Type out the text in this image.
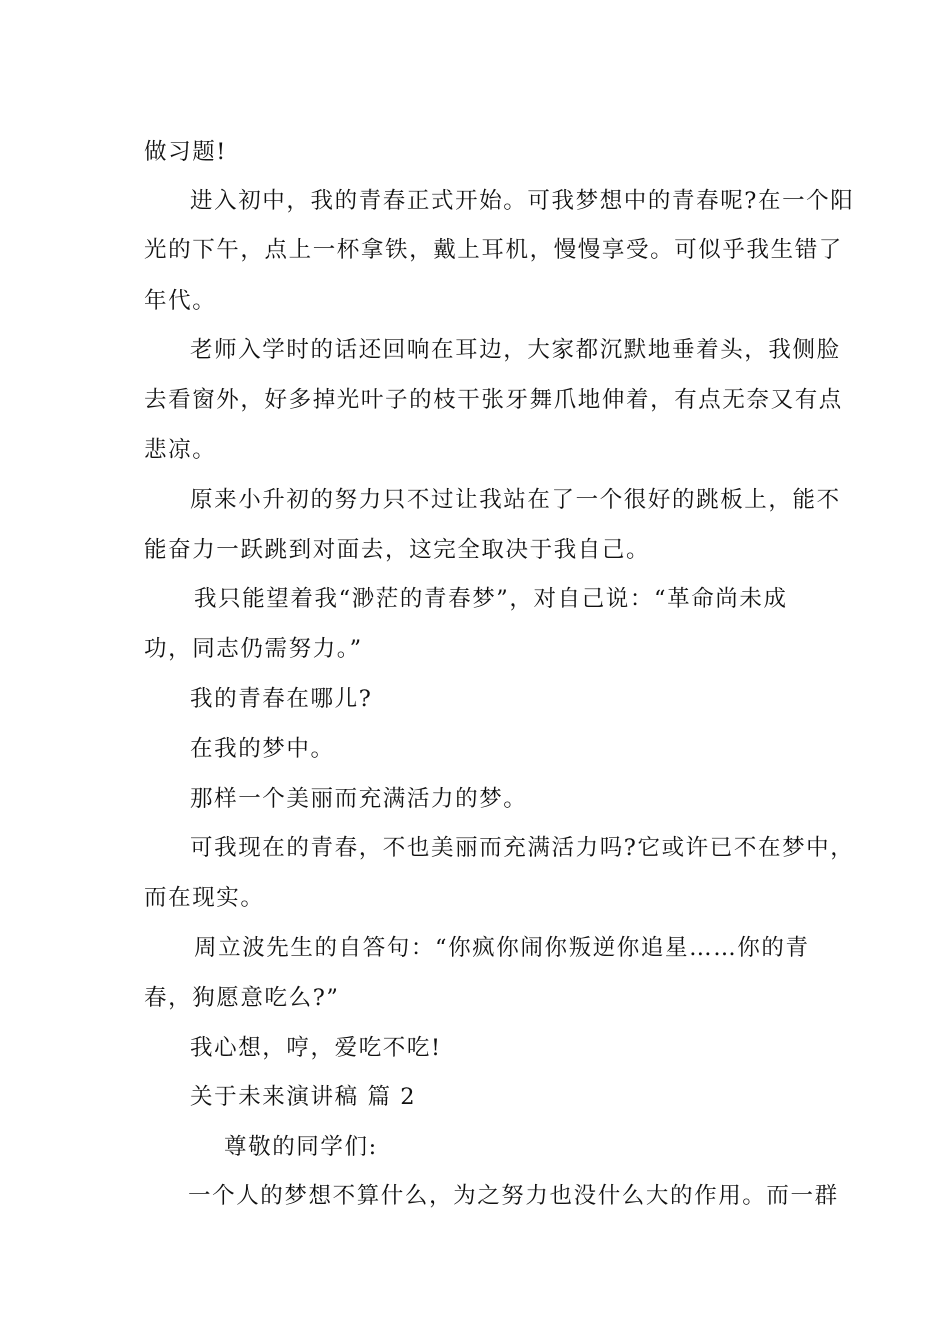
做习题!
进入初中，我的青春正式开始。可我梦想中的青春呢?在一个阳
光的下午，点上一杯拿铁，戴上耳机，慢慢享受。可似乎我生错了
年代。
老师入学时的话还回响在耳边，大家都沉默地垂着头，我侧脸
去看窗外，好多掉光叶子的枝干张牙舞爪地伸着，有点无奈又有点
悲凉。
原来小升初的努力只不过让我站在了一个很好的跳板上，能不
能奋力一跃跳到对面去，这完全取决于我自己。
我只能望着我“渺茫的青春梦”，对自己说：“革命尚未成
功，同志仍需努力。”
我的青春在哪儿?
在我的梦中。
那样一个美丽而充满活力的梦。
可我现在的青春，不也美丽而充满活力吗?它或许已不在梦中，
而在现实。
周立波先生的自答句：“你疯你闹你叛逆你追星……你的青
春，狗愿意吃么?”
我心想，哼，爱吃不吃!
关于未来演讲稿 篇 2
尊敬的同学们:
一个人的梦想不算什么，为之努力也没什么大的作用。而一群
